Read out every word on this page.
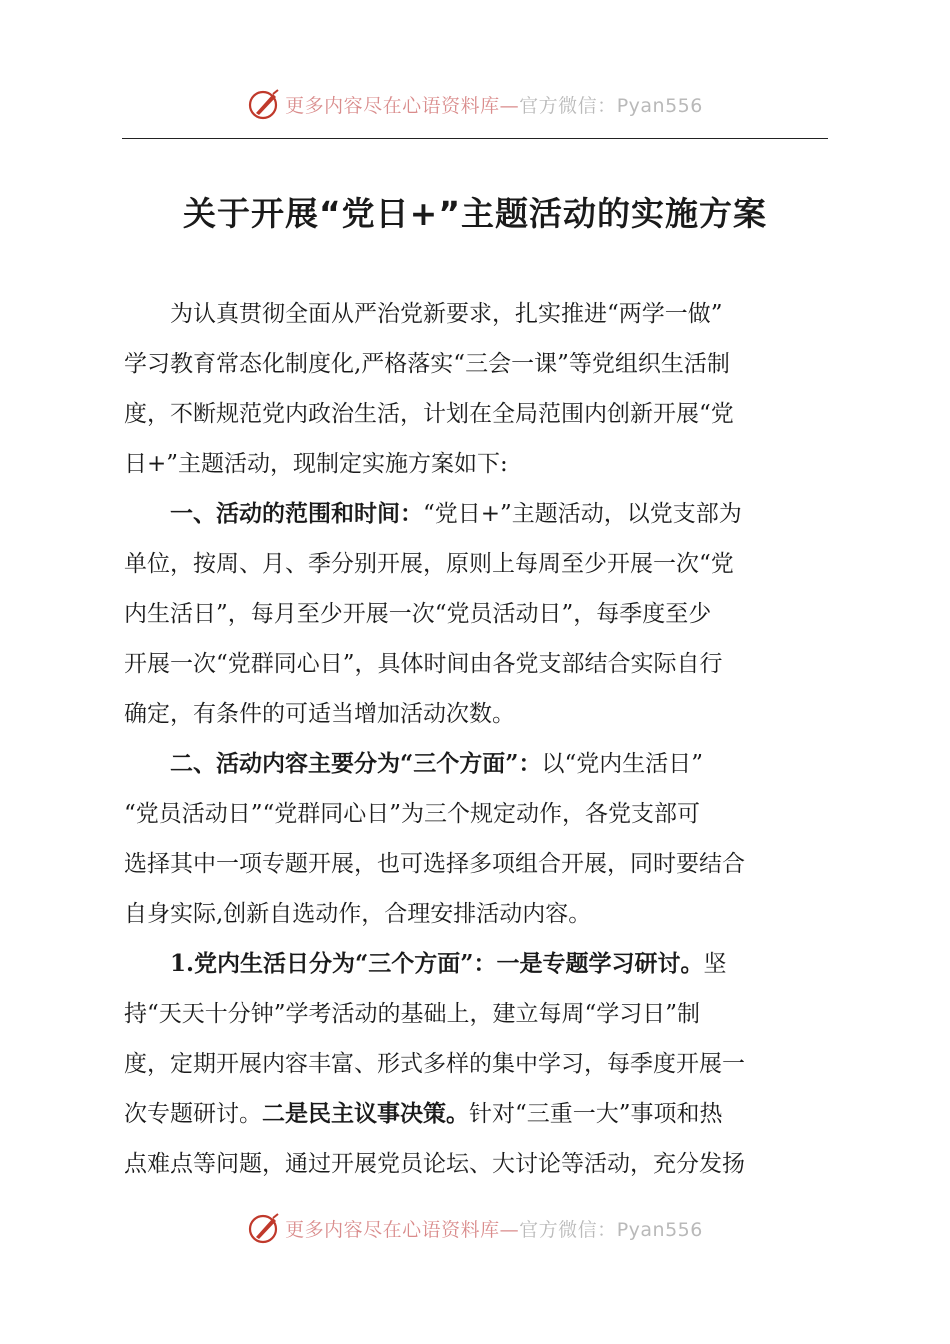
更多内容尽在心语资料库—官方微信：Pyan556
关于开展“党日+”主题活动的实施方案
　　为认真贯彻全面从严治党新要求，扎实推进“两学一做”
学习教育常态化制度化,严格落实“三会一课”等党组织生活制
度，不断规范党内政治生活，计划在全局范围内创新开展“党
日+”主题活动，现制定实施方案如下:
　　一、活动的范围和时间：“党日+”主题活动，以党支部为
单位，按周、月、季分别开展，原则上每周至少开展一次“党
内生活日”，每月至少开展一次“党员活动日”，每季度至少
开展一次“党群同心日”，具体时间由各党支部结合实际自行
确定，有条件的可适当增加活动次数。
　　二、活动内容主要分为“三个方面”：以“党内生活日”
“党员活动日”“党群同心日”为三个规定动作，各党支部可
选择其中一项专题开展，也可选择多项组合开展，同时要结合
自身实际,创新自选动作，合理安排活动内容。
　　1.党内生活日分为“三个方面”：一是专题学习研讨。坚
持“天天十分钟”学考活动的基础上，建立每周“学习日”制
度，定期开展内容丰富、形式多样的集中学习，每季度开展一
次专题研讨。二是民主议事决策。针对“三重一大”事项和热
点难点等问题，通过开展党员论坛、大讨论等活动，充分发扬
更多内容尽在心语资料库—官方微信：Pyan556
